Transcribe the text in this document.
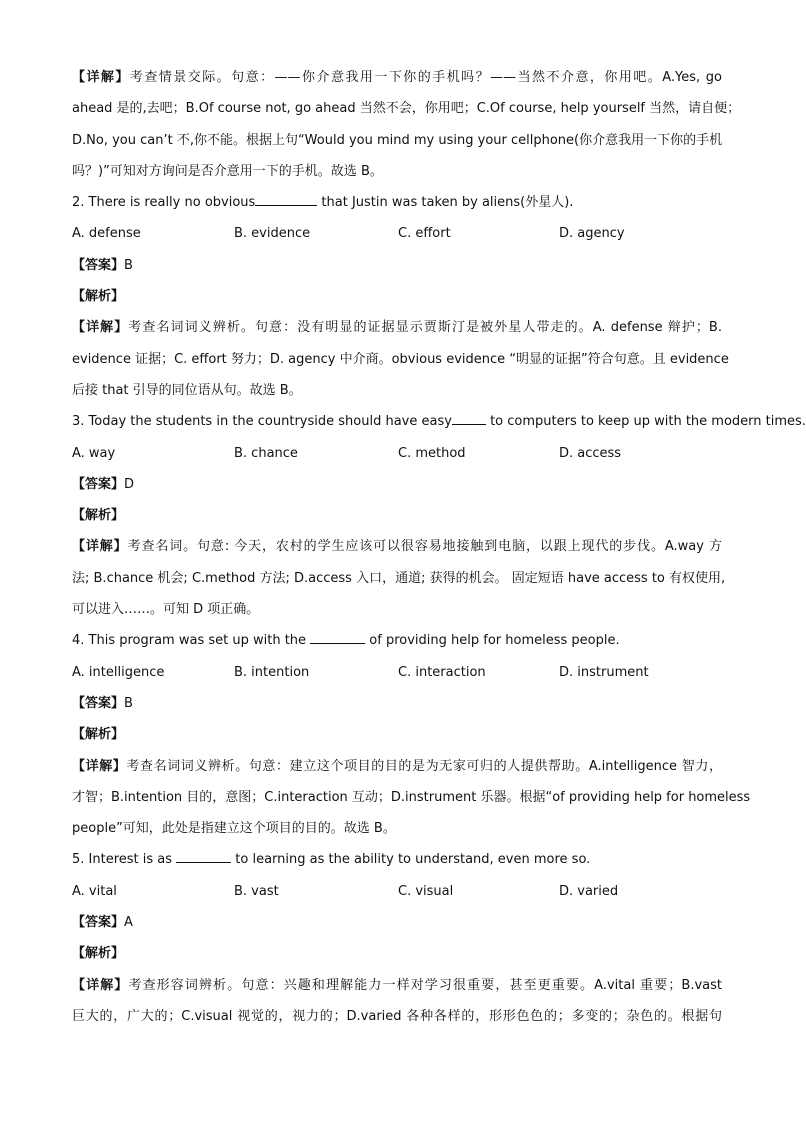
【详解】考查情景交际。句意：——你介意我用一下你的手机吗？——当然不介意，你用吧。A.Yes, go
ahead 是的,去吧；B.Of course not, go ahead 当然不会，你用吧；C.Of course, help yourself 当然，请自便；
D.No, you can’t 不,你不能。根据上句“Would you mind my using your cellphone(你介意我用一下你的手机
吗？)”可知对方询问是否介意用一下的手机。故选 B。
2. There is really no obvious	that Justin was taken by aliens(外星人).
A. defense	B. evidence	C. effort	D. agency
【答案】B
【解析】
【详解】考查名词词义辨析。句意：没有明显的证据显示贾斯汀是被外星人带走的。A. defense 辩护；B.
evidence 证据；C. effort 努力；D. agency 中介商。obvious evidence “明显的证据”符合句意。且 evidence
后接 that 引导的同位语从句。故选 B。
3. Today the students in the countryside should have easy	to computers to keep up with the modern times.
A. way	B. chance	C. method	D. access
【答案】D
【解析】
【详解】考查名词。句意: 今天，农村的学生应该可以很容易地接触到电脑，以跟上现代的步伐。A.way 方
法; B.chance 机会; C.method 方法; D.access 入口，通道; 获得的机会。 固定短语 have access to 有权使用,
可以进入……。可知 D 项正确。
4. This program was set up with the	of providing help for homeless people.
A. intelligence	B. intention	C. interaction	D. instrument
【答案】B
【解析】
【详解】考查名词词义辨析。句意：建立这个项目的目的是为无家可归的人提供帮助。A.intelligence 智力，
才智；B.intention 目的，意图；C.interaction 互动；D.instrument 乐器。根据“of providing help for homeless
people”可知，此处是指建立这个项目的目的。故选 B。
5. Interest is as	to learning as the ability to understand, even more so.
A. vital	B. vast	C. visual	D. varied
【答案】A
【解析】
【详解】考查形容词辨析。句意：兴趣和理解能力一样对学习很重要，甚至更重要。A.vital 重要；B.vast
巨大的，广大的；C.visual 视觉的，视力的；D.varied 各种各样的，形形色色的；多变的；杂色的。根据句
